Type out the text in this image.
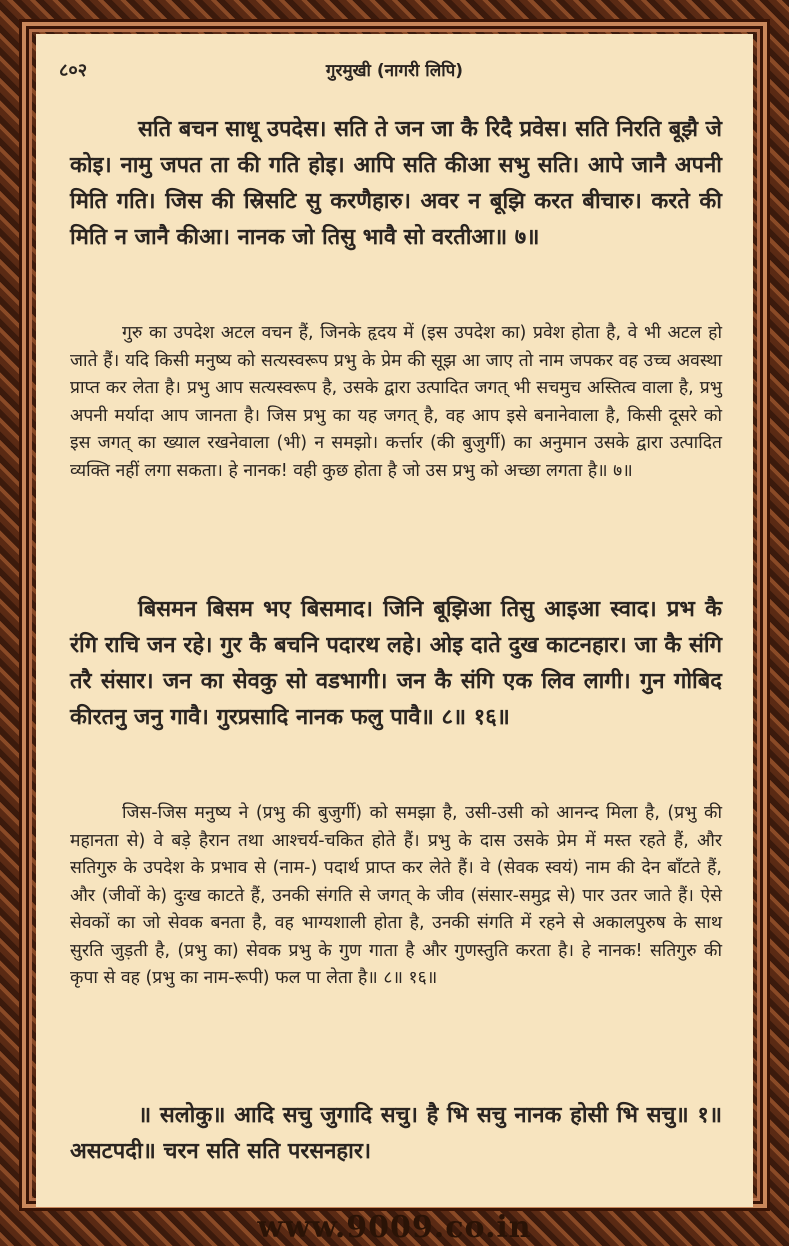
८०२	गुरमुखी (नागरी लिपि)

सति बचन साधू उपदेस। सति ते जन जा कै रिदै प्रवेस। सति निरति बूझै जे कोइ। नामु जपत ता की गति होइ। आपि सति कीआ सभु सति। आपे जानै अपनी मिति गति। जिस की स्रिसटि सु करणैहारु। अवर न बूझि करत बीचारु। करते की मिति न जानै कीआ। नानक जो तिसु भावै सो वरतीआ॥ ७॥

गुरु का उपदेश अटल वचन हैं, जिनके हृदय में (इस उपदेश का) प्रवेश होता है, वे भी अटल हो जाते हैं। यदि किसी मनुष्य को सत्यस्वरूप प्रभु के प्रेम की सूझ आ जाए तो नाम जपकर वह उच्च अवस्था प्राप्त कर लेता है। प्रभु आप सत्यस्वरूप है, उसके द्वारा उत्पादित जगत् भी सचमुच अस्तित्व वाला है, प्रभु अपनी मर्यादा आप जानता है। जिस प्रभु का यह जगत् है, वह आप इसे बनानेवाला है, किसी दूसरे को इस जगत् का ख्याल रखनेवाला (भी) न समझो। कर्त्तार (की बुजुर्गी) का अनुमान उसके द्वारा उत्पादित व्यक्ति नहीं लगा सकता। हे नानक! वही कुछ होता है जो उस प्रभु को अच्छा लगता है॥ ७॥

बिसमन बिसम भए बिसमाद। जिनि बूझिआ तिसु आइआ स्वाद। प्रभ कै रंगि राचि जन रहे। गुर कै बचनि पदारथ लहे। ओइ दाते दुख काटनहार। जा कै संगि तरै संसार। जन का सेवकु सो वडभागी। जन कै संगि एक लिव लागी। गुन गोबिद कीरतनु जनु गावै। गुरप्रसादि नानक फलु पावै॥ ८॥ १६॥

जिस-जिस मनुष्य ने (प्रभु की बुजुर्गी) को समझा है, उसी-उसी को आनन्द मिला है, (प्रभु की महानता से) वे बड़े हैरान तथा आश्चर्य-चकित होते हैं। प्रभु के दास उसके प्रेम में मस्त रहते हैं, और सतिगुरु के उपदेश के प्रभाव से (नाम-) पदार्थ प्राप्त कर लेते हैं। वे (सेवक स्वयं) नाम की देन बाँटते हैं, और (जीवों के) दुःख काटते हैं, उनकी संगति से जगत् के जीव (संसार-समुद्र से) पार उतर जाते हैं। ऐसे सेवकों का जो सेवक बनता है, वह भाग्यशाली होता है, उनकी संगति में रहने से अकालपुरुष के साथ सुरति जुड़ती है, (प्रभु का) सेवक प्रभु के गुण गाता है और गुणस्तुति करता है। हे नानक! सतिगुरु की कृपा से वह (प्रभु का नाम-रूपी) फल पा लेता है॥ ८॥ १६॥

॥ सलोकु॥ आदि सचु जुगादि सचु। है भि सचु नानक होसी भि सचु॥ १॥ असटपदी॥ चरन सति सति परसनहार।

www.9009.co.in
